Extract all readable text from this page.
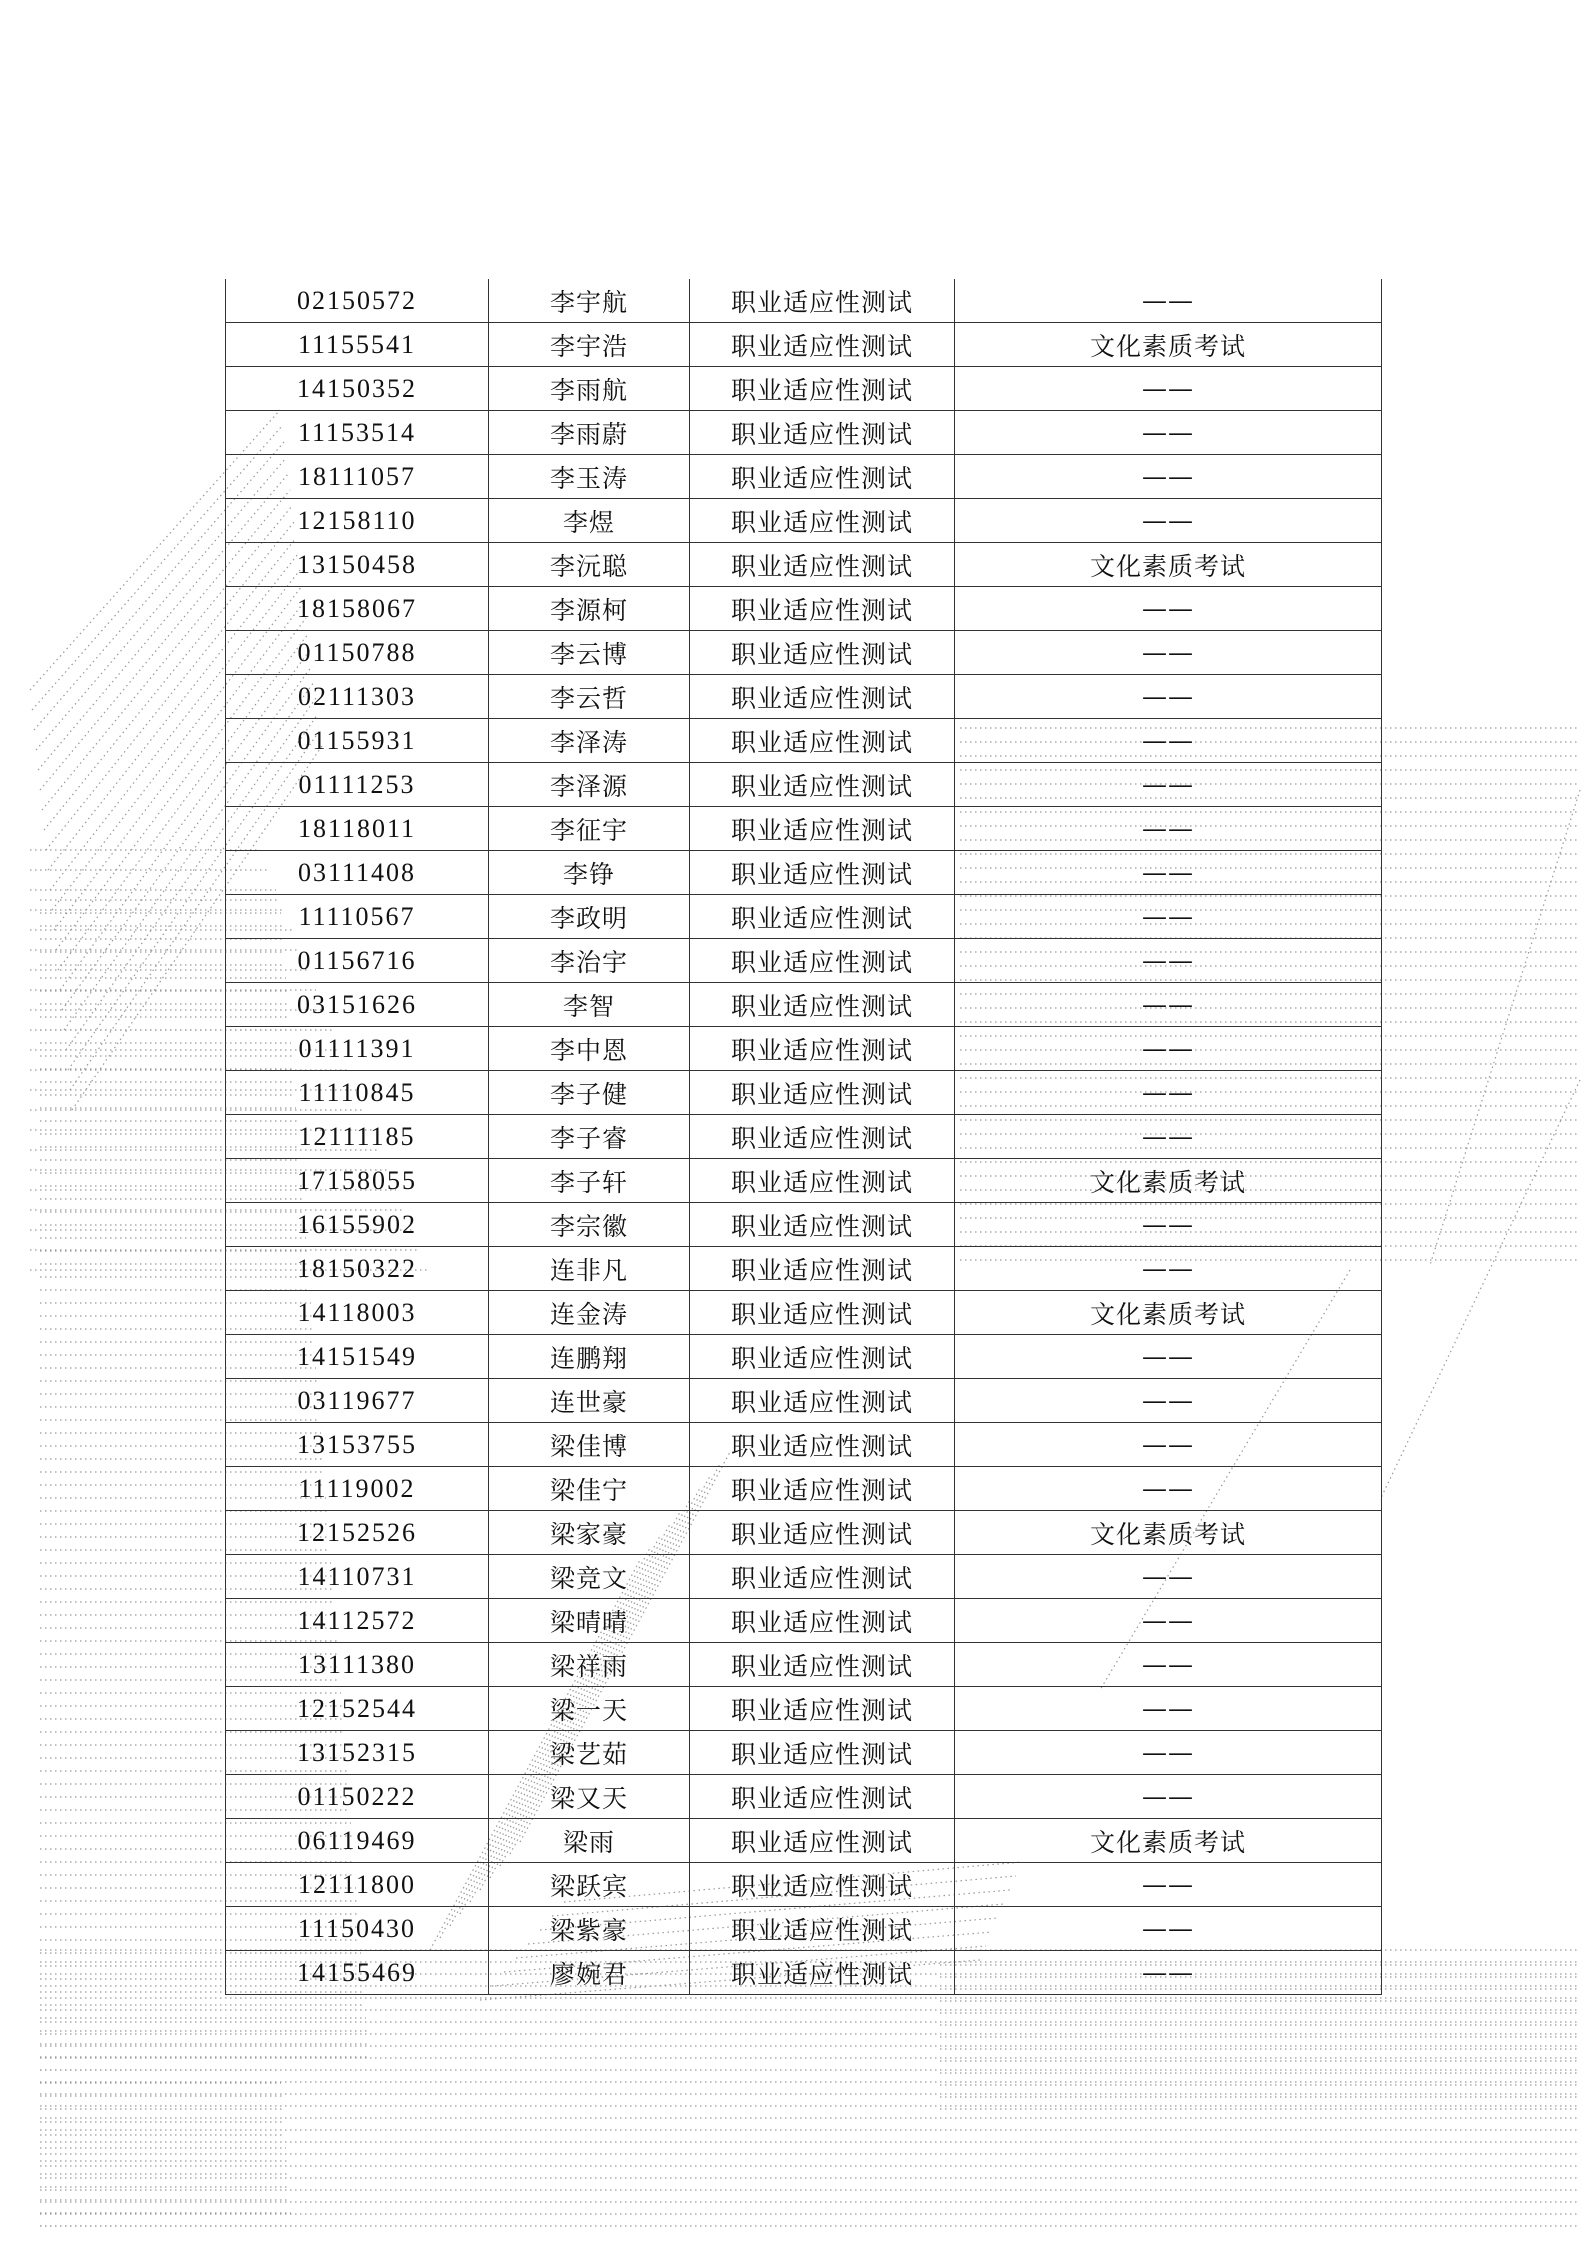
02150572	李宇航	职业适应性测试	——
11155541	李宇浩	职业适应性测试	文化素质考试
14150352	李雨航	职业适应性测试	——
11153514	李雨蔚	职业适应性测试	——
18111057	李玉涛	职业适应性测试	——
12158110	李煜	职业适应性测试	——
13150458	李沅聪	职业适应性测试	文化素质考试
18158067	李源柯	职业适应性测试	——
01150788	李云博	职业适应性测试	——
02111303	李云哲	职业适应性测试	——
01155931	李泽涛	职业适应性测试	——
01111253	李泽源	职业适应性测试	——
18118011	李征宇	职业适应性测试	——
03111408	李铮	职业适应性测试	——
11110567	李政明	职业适应性测试	——
01156716	李治宇	职业适应性测试	——
03151626	李智	职业适应性测试	——
01111391	李中恩	职业适应性测试	——
11110845	李子健	职业适应性测试	——
12111185	李子睿	职业适应性测试	——
17158055	李子轩	职业适应性测试	文化素质考试
16155902	李宗徽	职业适应性测试	——
18150322	连非凡	职业适应性测试	——
14118003	连金涛	职业适应性测试	文化素质考试
14151549	连鹏翔	职业适应性测试	——
03119677	连世豪	职业适应性测试	——
13153755	梁佳博	职业适应性测试	——
11119002	梁佳宁	职业适应性测试	——
12152526	梁家豪	职业适应性测试	文化素质考试
14110731	梁竞文	职业适应性测试	——
14112572	梁晴晴	职业适应性测试	——
13111380	梁祥雨	职业适应性测试	——
12152544	梁一天	职业适应性测试	——
13152315	梁艺茹	职业适应性测试	——
01150222	梁又天	职业适应性测试	——
06119469	梁雨	职业适应性测试	文化素质考试
12111800	梁跃宾	职业适应性测试	——
11150430	梁紫豪	职业适应性测试	——
14155469	廖婉君	职业适应性测试	——
